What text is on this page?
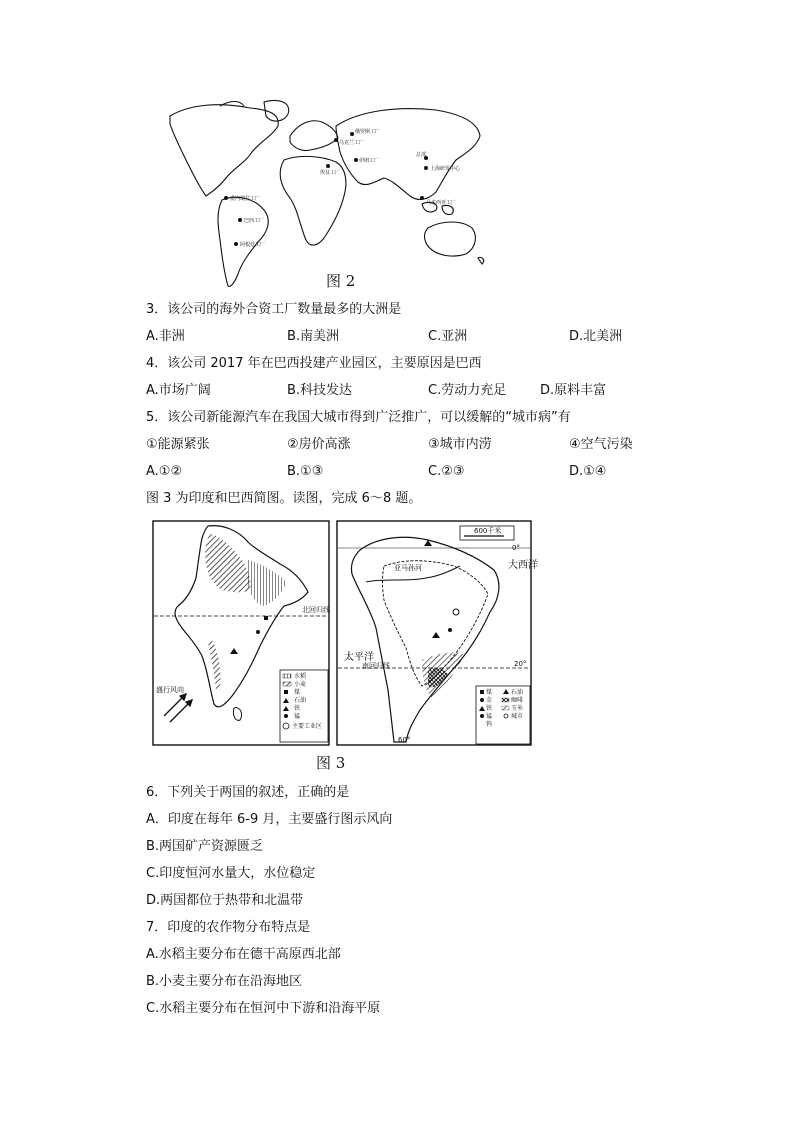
俄罗斯工厂
乌克兰工厂
伊朗工厂
埃及工厂
总部
上海研发中心
马来西亚工厂
委内瑞拉工厂
巴西工厂
阿根廷工厂
图 2
3．该公司的海外合资工厂数量最多的大洲是
A.非洲	B.南美洲	C.亚洲	D.北美洲
4．该公司 2017 年在巴西投建产业园区，主要原因是巴西
A.市场广阔	B.科技发达	C.劳动力充足	D.原料丰富
5．该公司新能源汽车在我国大城市得到广泛推广，可以缓解的“城市病”有
①能源紧张	②房价高涨	③城市内涝	④空气污染
A.①②	B.①③	C.②③	D.①④
图 3 为印度和巴西简图。读图，完成 6～8 题。
北回归线
盛行风向
水稻
小麦
煤
石油
铁
锰
主要工业区
0°
20°
60°
南回归线
600千米
亚马孙河	大西洋
太平洋
煤	石油
金	咖啡
铁	玉米
锰	城市
钨
图 3
6．下列关于两国的叙述，正确的是
A．印度在每年 6-9 月，主要盛行图示风向
B.两国矿产资源匮乏
C.印度恒河水量大，水位稳定
D.两国都位于热带和北温带
7．印度的农作物分布特点是
A.水稻主要分布在德干高原西北部
B.小麦主要分布在沿海地区
C.水稻主要分布在恒河中下游和沿海平原
